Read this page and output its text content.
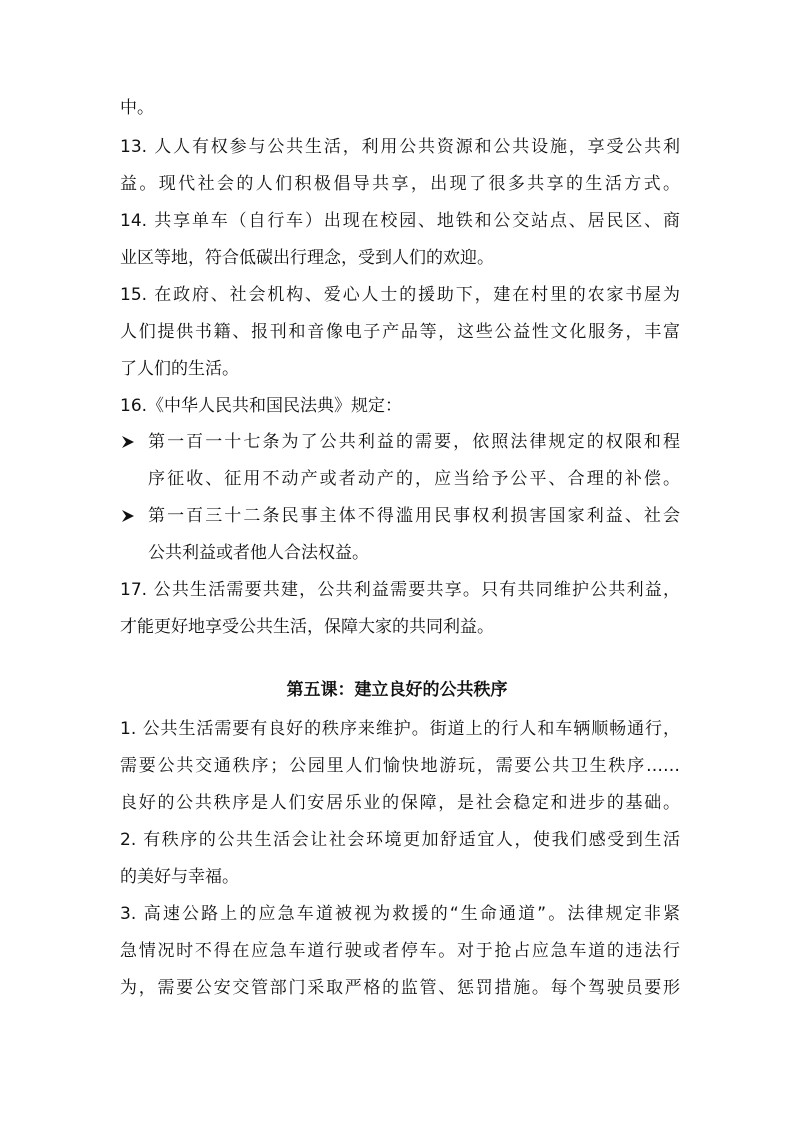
中。
13. 人人有权参与公共生活，利用公共资源和公共设施，享受公共利
益。现代社会的人们积极倡导共享，出现了很多共享的生活方式。
14. 共享单车（自行车）出现在校园、地铁和公交站点、居民区、商
业区等地，符合低碳出行理念，受到人们的欢迎。
15. 在政府、社会机构、爱心人士的援助下，建在村里的农家书屋为
人们提供书籍、报刊和音像电子产品等，这些公益性文化服务，丰富
了人们的生活。
16.《中华人民共和国民法典》规定：
第一百一十七条为了公共利益的需要，依照法律规定的权限和程
序征收、征用不动产或者动产的，应当给予公平、合理的补偿。
第一百三十二条民事主体不得滥用民事权利损害国家利益、社会
公共利益或者他人合法权益。
17. 公共生活需要共建，公共利益需要共享。只有共同维护公共利益，
才能更好地享受公共生活，保障大家的共同利益。
第五课：建立良好的公共秩序
1. 公共生活需要有良好的秩序来维护。街道上的行人和车辆顺畅通行，
需要公共交通秩序；公园里人们愉快地游玩，需要公共卫生秩序……
良好的公共秩序是人们安居乐业的保障，是社会稳定和进步的基础。
2. 有秩序的公共生活会让社会环境更加舒适宜人，使我们感受到生活
的美好与幸福。
3. 高速公路上的应急车道被视为救援的“生命通道”。法律规定非紧
急情况时不得在应急车道行驶或者停车。对于抢占应急车道的违法行
为，需要公安交管部门采取严格的监管、惩罚措施。每个驾驶员要形
